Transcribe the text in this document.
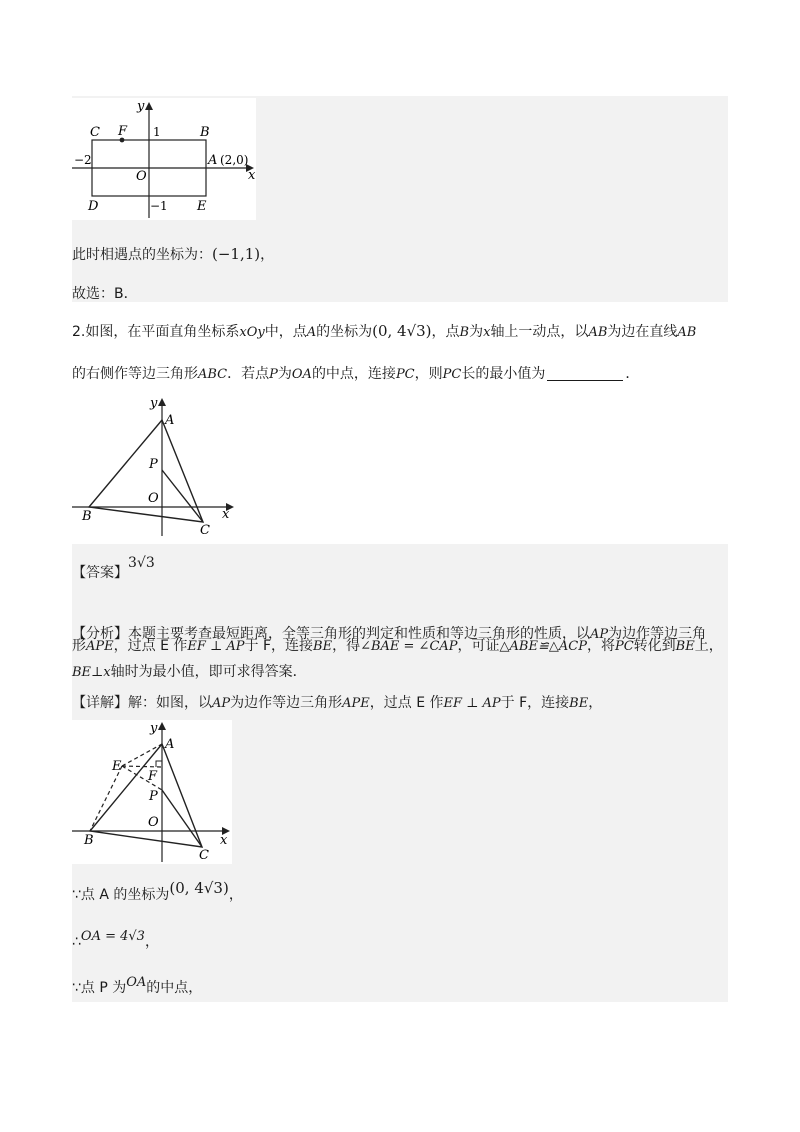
y
x
C F 1	B
−2	A (2,0)
O
D	E
−1
此时相遇点的坐标为：(−1,1)，
故选：B．
2.如图，在平面直角坐标系xOy中，点A的坐标为(0, 4√3)，点B为x轴上一动点，以AB为边在直线AB
的右侧作等边三角形ABC．若点P为OA的中点，连接PC，则PC长的最小值为	．
y
A
P
O
B
C
x
【答案】3√3
【分析】本题主要考查最短距离，全等三角形的判定和性质和等边三角形的性质，以AP为边作等边三角
形APE，过点 E 作EF ⊥ AP于 F，连接BE，得∠BAE = ∠CAP，可证△ABE≌△ACP，将PC转化到BE上，
BE⊥x轴时为最小值，即可求得答案．
【详解】解：如图，以AP为边作等边三角形APE，过点 E 作EF ⊥ AP于 F，连接BE，
y
A
E
F
P
O
B
C
x
∵点 A 的坐标为(0, 4√3)，
∴OA = 4√3，
∵点 P 为OA的中点，
